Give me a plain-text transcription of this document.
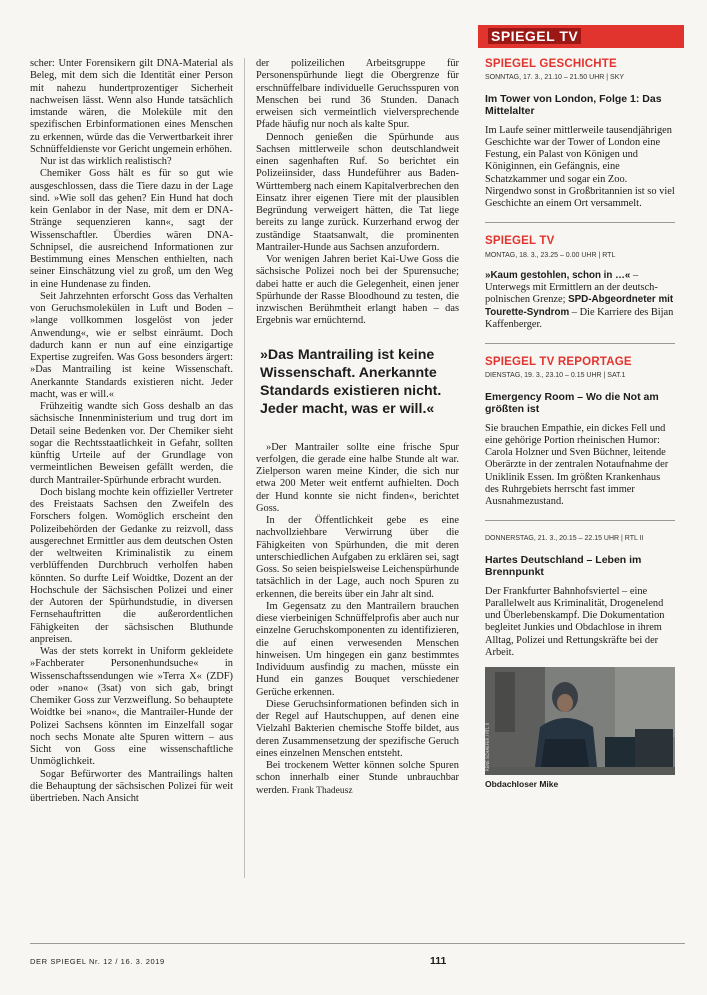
scher: Unter Forensikern gilt DNA-Material als Beleg, mit dem sich die Identität einer Person mit nahezu hundertprozentiger Sicherheit nachweisen lässt. Wenn also Hunde tatsächlich imstande wären, die Moleküle mit den spezifischen Erbinformationen eines Menschen zu erkennen, würde das die Verwertbarkeit ihrer Schnüffeldienste vor Gericht ungemein erhöhen.

Nur ist das wirklich realistisch?

Chemiker Goss hält es für so gut wie ausgeschlossen, dass die Tiere dazu in der Lage sind. »Wie soll das gehen? Ein Hund hat doch kein Genlabor in der Nase, mit dem er DNA-Stränge sequenzieren kann«, sagt der Wissenschaftler. Überdies wären DNA-Schnipsel, die ausreichend Informationen zur Bestimmung eines Menschen enthielten, nach seiner Einschätzung viel zu groß, um den Weg in eine Hundenase zu finden.

Seit Jahrzehnten erforscht Goss das Verhalten von Geruchsmolekülen in Luft und Boden – »lange vollkommen losgelöst von jeder Anwendung«, wie er selbst einräumt. Doch dadurch kann er nun auf eine einzigartige Expertise zugreifen. Was Goss besonders ärgert: »Das Mantrailing ist keine Wissenschaft. Anerkannte Standards existieren nicht. Jeder macht, was er will.«

Frühzeitig wandte sich Goss deshalb an das sächsische Innenministerium und trug dort im Detail seine Bedenken vor. Der Chemiker sieht sogar die Rechtsstaatlichkeit in Gefahr, sollten künftig Urteile auf der Grundlage von vermeintlichen Beweisen gefällt werden, die durch Mantrailer-Spürhunde erbracht wurden.

Doch bislang mochte kein offizieller Vertreter des Freistaats Sachsen den Zweifeln des Forschers folgen. Womöglich erscheint den Polizeibehörden der Gedanke zu reizvoll, dass ausgerechnet Ermittler aus dem deutschen Osten der weltweiten Kriminalistik zu einem verblüffenden Durchbruch verholfen haben könnten. So durfte Leif Woidtke, Dozent an der Hochschule der Sächsischen Polizei und einer der Autoren der Spürhundstudie, in diversen Fernsehauftritten die außerordentlichen Fähigkeiten der sächsischen Bluthunde anpreisen.

Was der stets korrekt in Uniform gekleidete »Fachberater Personenhundsuche« in Wissenschaftssendungen wie »Terra X« (ZDF) oder »nano« (3sat) von sich gab, bringt Chemiker Goss zur Verzweiflung. So behauptete Woidtke bei »nano«, die Mantrailer-Hunde der Polizei Sachsens könnten im Einzelfall sogar noch sechs Monate alte Spuren wittern – aus Sicht von Goss eine wissenschaftliche Unmöglichkeit.

Sogar Befürworter des Mantrailings halten die Behauptung der sächsischen Polizei für weit übertrieben. Nach Ansicht

der polizeilichen Arbeitsgruppe für Personenspürhunde liegt die Obergrenze für erschnüffelbare individuelle Geruchsspuren von Menschen bei rund 36 Stunden. Danach erweisen sich vermeintlich vielversprechende Pfade häufig nur noch als kalte Spur.

Dennoch genießen die Spürhunde aus Sachsen mittlerweile schon deutschlandweit einen sagenhaften Ruf. So berichtet ein Polizeiinsider, dass Hundeführer aus Baden-Württemberg nach einem Kapitalverbrechen den Einsatz ihrer eigenen Tiere mit der plausiblen Begründung verweigert hätten, die Tat liege bereits zu lange zurück. Kurzerhand erwog der zuständige Staatsanwalt, die prominenten Mantrailer-Hunde aus Sachsen anzufordern.

Vor wenigen Jahren beriet Kai-Uwe Goss die sächsische Polizei noch bei der Spurensuche; dabei hatte er auch die Gelegenheit, einen jener Spürhunde der Rasse Bloodhound zu testen, die inzwischen Berühmtheit erlangt haben – das Ergebnis war ernüchternd.

»Das Mantrailing ist keine Wissenschaft. Anerkannte Standards existieren nicht. Jeder macht, was er will.«

»Der Mantrailer sollte eine frische Spur verfolgen, die gerade eine halbe Stunde alt war. Zielperson waren meine Kinder, die sich nur etwa 200 Meter weit entfernt aufhielten. Doch der Hund konnte sie nicht finden«, berichtet Goss.

In der Öffentlichkeit gebe es eine nachvollziehbare Verwirrung über die Fähigkeiten von Spürhunden, die mit deren unterschiedlichen Aufgaben zu erklären sei, sagt Goss. So seien beispielsweise Leichenspürhunde tatsächlich in der Lage, auch noch Spuren zu erkennen, die bereits über ein Jahr alt sind.

Im Gegensatz zu den Mantrailern brauchen diese vierbeinigen Schnüffelprofis aber auch nur einzelne Geruchskomponenten zu identifizieren, die auf einen verwesenden Menschen hinweisen. Um hingegen ein ganz bestimmtes Individuum ausfindig zu machen, müsste ein Hund ein ganzes Bouquet verschiedener Gerüche erkennen.

Diese Geruchsinformationen befinden sich in der Regel auf Hautschuppen, auf denen eine Vielzahl Bakterien chemische Stoffe bildet, aus deren Zusammensetzung der spezifische Geruch eines einzelnen Menschen entsteht.

Bei trockenem Wetter können solche Spuren schon innerhalb einer Stunde unbrauchbar werden. Frank Thadeusz

SPIEGEL TV
SPIEGEL GESCHICHTE
SONNTAG, 17. 3., 21.10 – 21.50 UHR | SKY
Im Tower von London, Folge 1: Das Mittelalter
Im Laufe seiner mittlerweile tausendjährigen Geschichte war der Tower of London eine Festung, ein Palast von Königen und Königinnen, ein Gefängnis, eine Schatzkammer und sogar ein Zoo. Nirgendwo sonst in Großbritannien ist so viel Geschichte an einem Ort versammelt.
SPIEGEL TV
MONTAG, 18. 3., 23.25 – 0.00 UHR | RTL
»Kaum gestohlen, schon in …« – Unterwegs mit Ermittlern an der deutsch-polnischen Grenze; SPD-Abgeordneter mit Tourette-Syndrom – Die Karriere des Bijan Kaffenberger.
SPIEGEL TV REPORTAGE
DIENSTAG, 19. 3., 23.10 – 0.15 UHR | SAT.1
Emergency Room – Wo die Not am größten ist
Sie brauchen Empathie, ein dickes Fell und eine gehörige Portion rheinischen Humor: Carola Holzner und Sven Büchner, leitende Oberärzte in der zentralen Notaufnahme der Uniklinik Essen. Im größten Krankenhaus des Ruhrgebiets herrscht fast immer Ausnahmezustand.
DONNERSTAG, 21. 3., 20.15 – 22.15 UHR | RTL II
Hartes Deutschland – Leben im Brennpunkt
Der Frankfurter Bahnhofsviertel – eine Parallelwelt aus Kriminalität, Drogenelend und Überlebenskampf. Die Dokumentation begleitet Junkies und Obdachlose in ihrem Alltag, Polizei und Rettungskräfte bei der Arbeit.
RENÉ SCHAEFER / RTL II
Obdachloser Mike
DER SPIEGEL Nr. 12 / 16. 3. 2019	111
